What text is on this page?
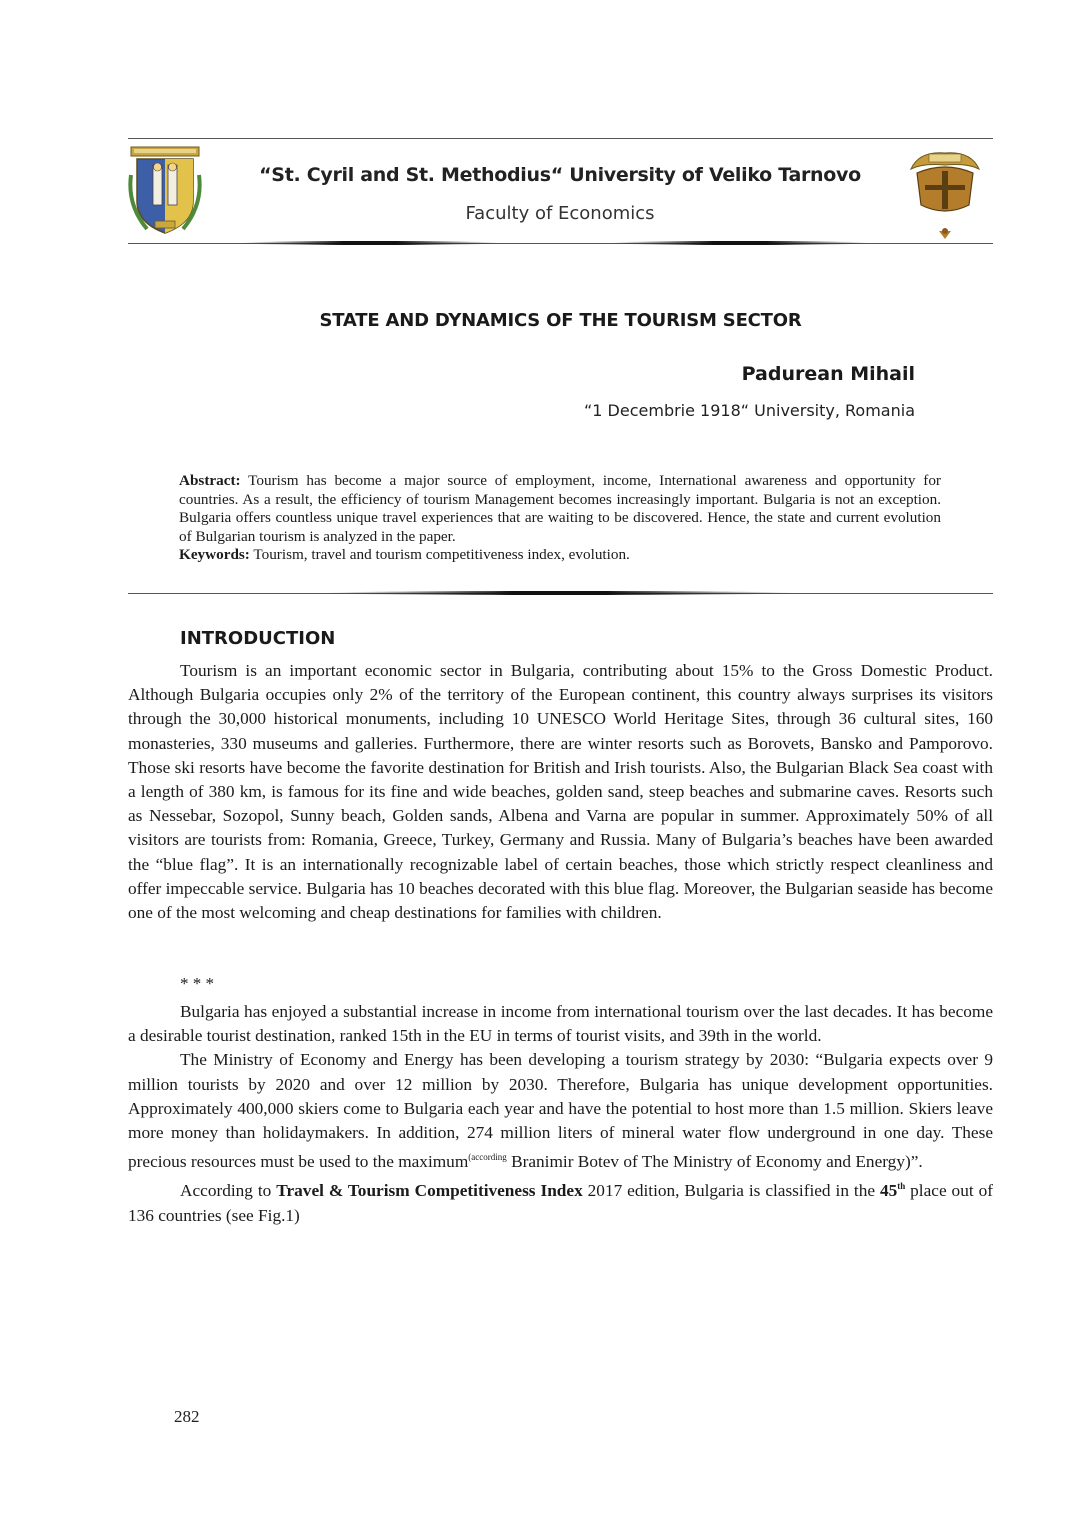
“St. Cyril and St. Methodius“ University of Veliko Tarnovo
Faculty of Economics
STATE AND DYNAMICS OF THE TOURISM SECTOR
Padurean Mihail
“1 Decembrie 1918“ University, Romania

Abstract: Tourism has become a major source of employment, income, International awareness and opportunity for countries. As a result, the efficiency of tourism Management becomes increasingly important. Bulgaria is not an exception. Bulgaria offers countless unique travel experiences that are waiting to be discovered. Hence, the state and current evolution of Bulgarian tourism is analyzed in the paper.

Keywords: Tourism, travel and tourism competitiveness index, evolution.

INTRODUCTION

Tourism is an important economic sector in Bulgaria, contributing about 15% to the Gross Domestic Product. Although Bulgaria occupies only 2% of the territory of the European continent, this country always surprises its visitors through the 30,000 historical monuments, including 10 UNESCO World Heritage Sites, through 36 cultural sites, 160 monasteries, 330 museums and galleries. Furthermore, there are winter resorts such as Borovets, Bansko and Pamporovo. Those ski resorts have become the favorite destination for British and Irish tourists. Also, the Bulgarian Black Sea coast with a length of 380 km, is famous for its fine and wide beaches, golden sand, steep beaches and submarine caves. Resorts such as Nessebar, Sozopol, Sunny beach, Golden sands, Albena and Varna are popular in summer. Approximately 50% of all visitors are tourists from: Romania, Greece, Turkey, Germany and Russia. Many of Bulgaria’s beaches have been awarded the “blue flag”. It is an internationally recognizable label of certain beaches, those which strictly respect cleanliness and offer impeccable service. Bulgaria has 10 beaches decorated with this blue flag. Moreover, the Bulgarian seaside has become one of the most welcoming and cheap destinations for families with children.

* * *

Bulgaria has enjoyed a substantial increase in income from international tourism over the last decades. It has become a desirable tourist destination, ranked 15th in the EU in terms of tourist visits, and 39th in the world.

The Ministry of Economy and Energy has been developing a tourism strategy by 2030: “Bulgaria expects over 9 million tourists by 2020 and over 12 million by 2030. Therefore, Bulgaria has unique development opportunities. Approximately 400,000 skiers come to Bulgaria each year and have the potential to host more than 1.5 million. Skiers leave more money than holidaymakers. In addition, 274 million liters of mineral water flow underground in one day. These precious resources must be used to the maximum$^{(according}$ Branimir Botev of The Ministry of Economy and Energy)”.

According to Travel & Tourism Competitiveness Index 2017 edition, Bulgaria is classified in the 45th place out of 136 countries (see Fig.1)

282
